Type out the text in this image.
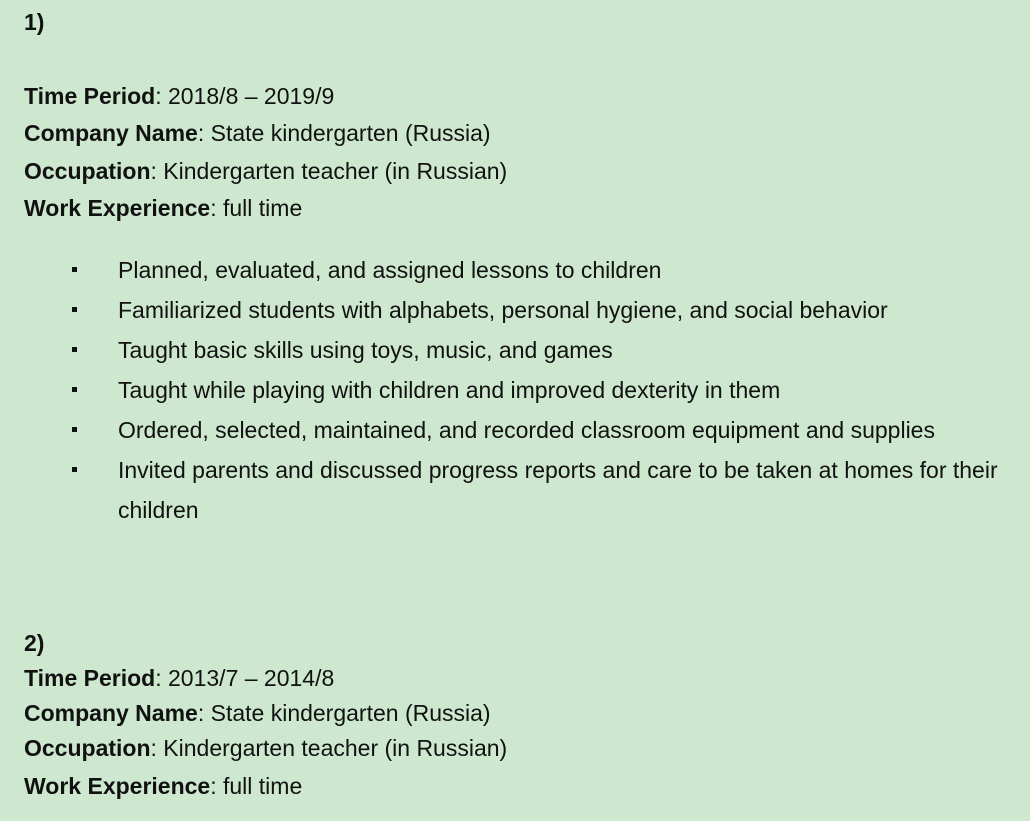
1)
Time Period: 2018/8 – 2019/9
Company Name: State kindergarten (Russia)
Occupation: Kindergarten teacher (in Russian)
Work Experience: full time
Planned, evaluated, and assigned lessons to children
Familiarized students with alphabets, personal hygiene, and social behavior
Taught basic skills using toys, music, and games
Taught while playing with children and improved dexterity in them
Ordered, selected, maintained, and recorded classroom equipment and supplies
Invited parents and discussed progress reports and care to be taken at homes for their children
2)
Time Period: 2013/7 – 2014/8
Company Name: State kindergarten (Russia)
Occupation: Kindergarten teacher (in Russian)
Work Experience: full time
